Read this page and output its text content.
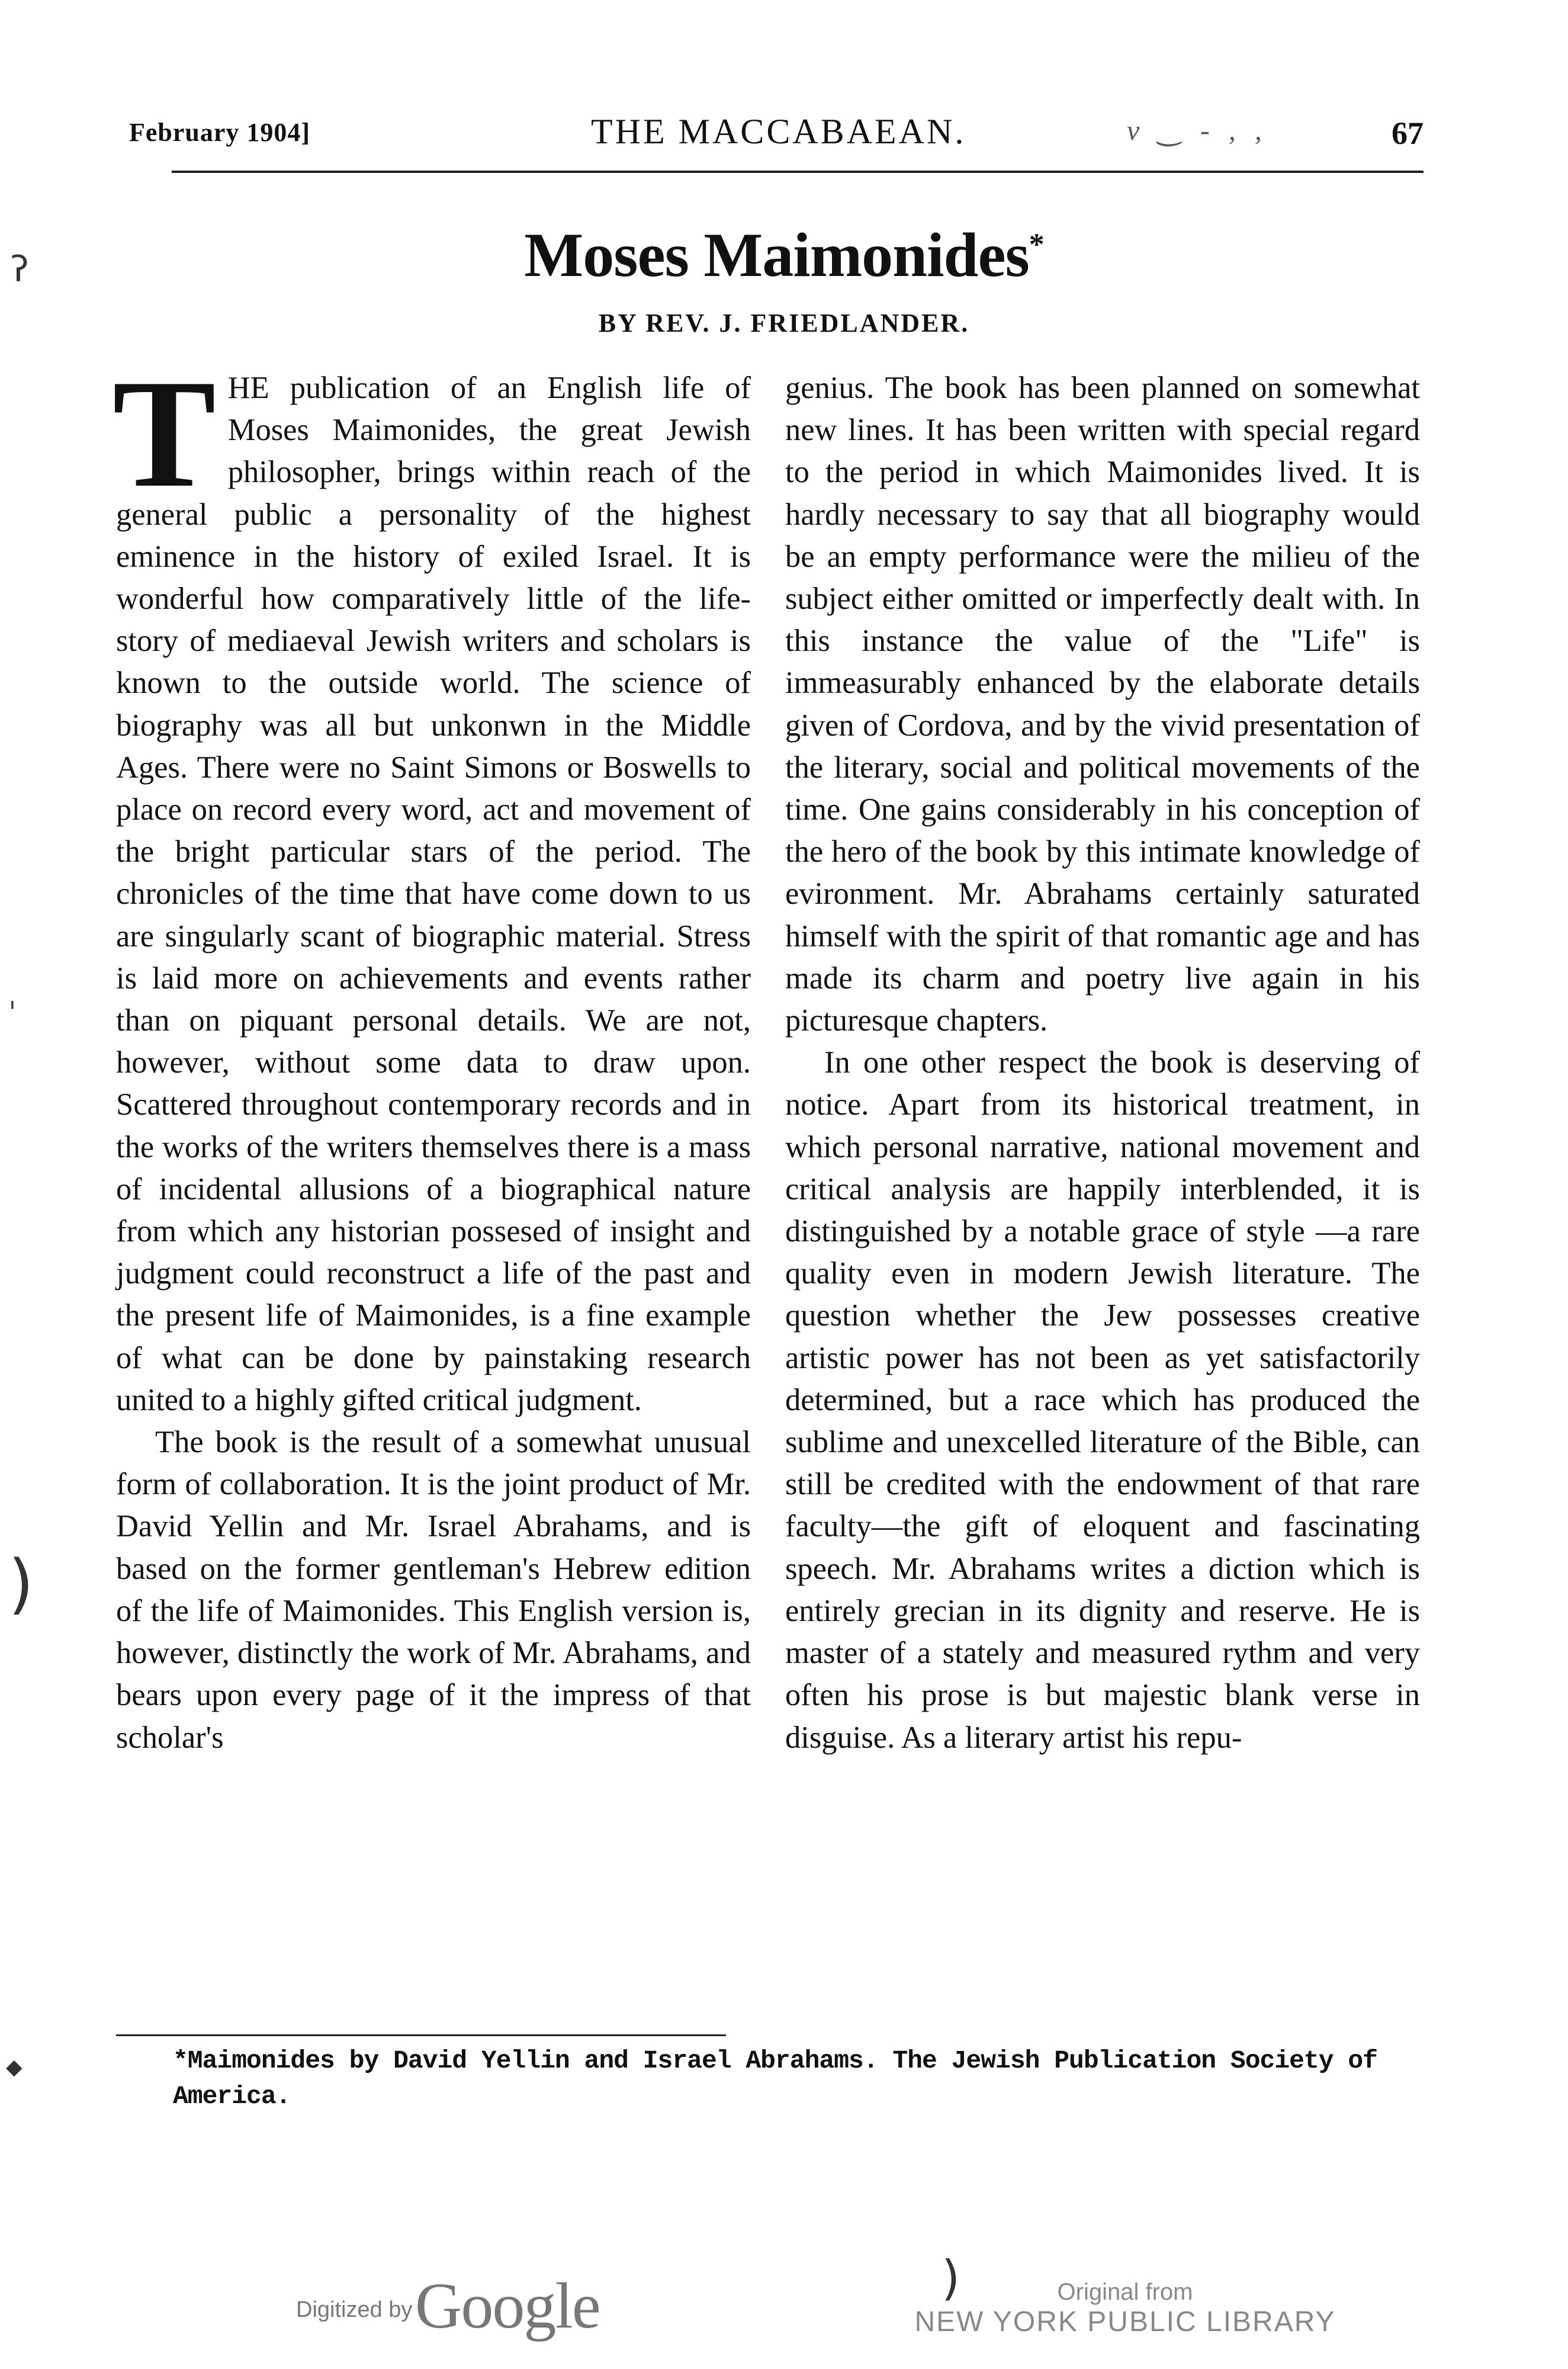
February 1904]	THE MACCABAEAN.	v ‿ - , ,	67
Moses Maimonides*
BY REV. J. FRIEDLANDER.

THE publication of an English life of Moses Maimonides, the great Jewish philosopher, brings within reach of the general public a personality of the highest eminence in the history of exiled Israel. It is wonderful how comparatively little of the life-story of mediaeval Jewish writers and scholars is known to the outside world. The science of biography was all but unkonwn in the Middle Ages. There were no Saint Simons or Boswells to place on record every word, act and movement of the bright particular stars of the period. The chronicles of the time that have come down to us are singularly scant of biographic material. Stress is laid more on achievements and events rather than on piquant personal details. We are not, however, without some data to draw upon. Scattered throughout contemporary records and in the works of the writers themselves there is a mass of incidental allusions of a biographical nature from which any historian possesed of insight and judgment could reconstruct a life of the past and the present life of Maimonides, is a fine example of what can be done by painstaking research united to a highly gifted critical judgment.

The book is the result of a somewhat unusual form of collaboration. It is the joint product of Mr. David Yellin and Mr. Israel Abrahams, and is based on the former gentleman's Hebrew edition of the life of Maimonides. This English version is, however, distinctly the work of Mr. Abrahams, and bears upon every page of it the impress of that scholar's

genius. The book has been planned on somewhat new lines. It has been written with special regard to the period in which Maimonides lived. It is hardly necessary to say that all biography would be an empty performance were the milieu of the subject either omitted or imperfectly dealt with. In this instance the value of the "Life" is immeasurably enhanced by the elaborate details given of Cordova, and by the vivid presentation of the literary, social and political movements of the time. One gains considerably in his conception of the hero of the book by this intimate knowledge of evironment. Mr. Abrahams certainly saturated himself with the spirit of that romantic age and has made its charm and poetry live again in his picturesque chapters.

In one other respect the book is deserving of notice. Apart from its historical treatment, in which personal narrative, national movement and critical analysis are happily interblended, it is distinguished by a notable grace of style —a rare quality even in modern Jewish literature. The question whether the Jew possesses creative artistic power has not been as yet satisfactorily determined, but a race which has produced the sublime and unexcelled literature of the Bible, can still be credited with the endowment of that rare faculty—the gift of eloquent and fascinating speech. Mr. Abrahams writes a diction which is entirely grecian in its dignity and reserve. He is master of a stately and measured rythm and very often his prose is but majestic blank verse in disguise. As a literary artist his repu-

*Maimonides by David Yellin and Israel Abrahams. The Jewish Publication Society of America.
Digitized by Google	Original from
NEW YORK PUBLIC LIBRARY
ʔ
ˌ
)
◆
)
